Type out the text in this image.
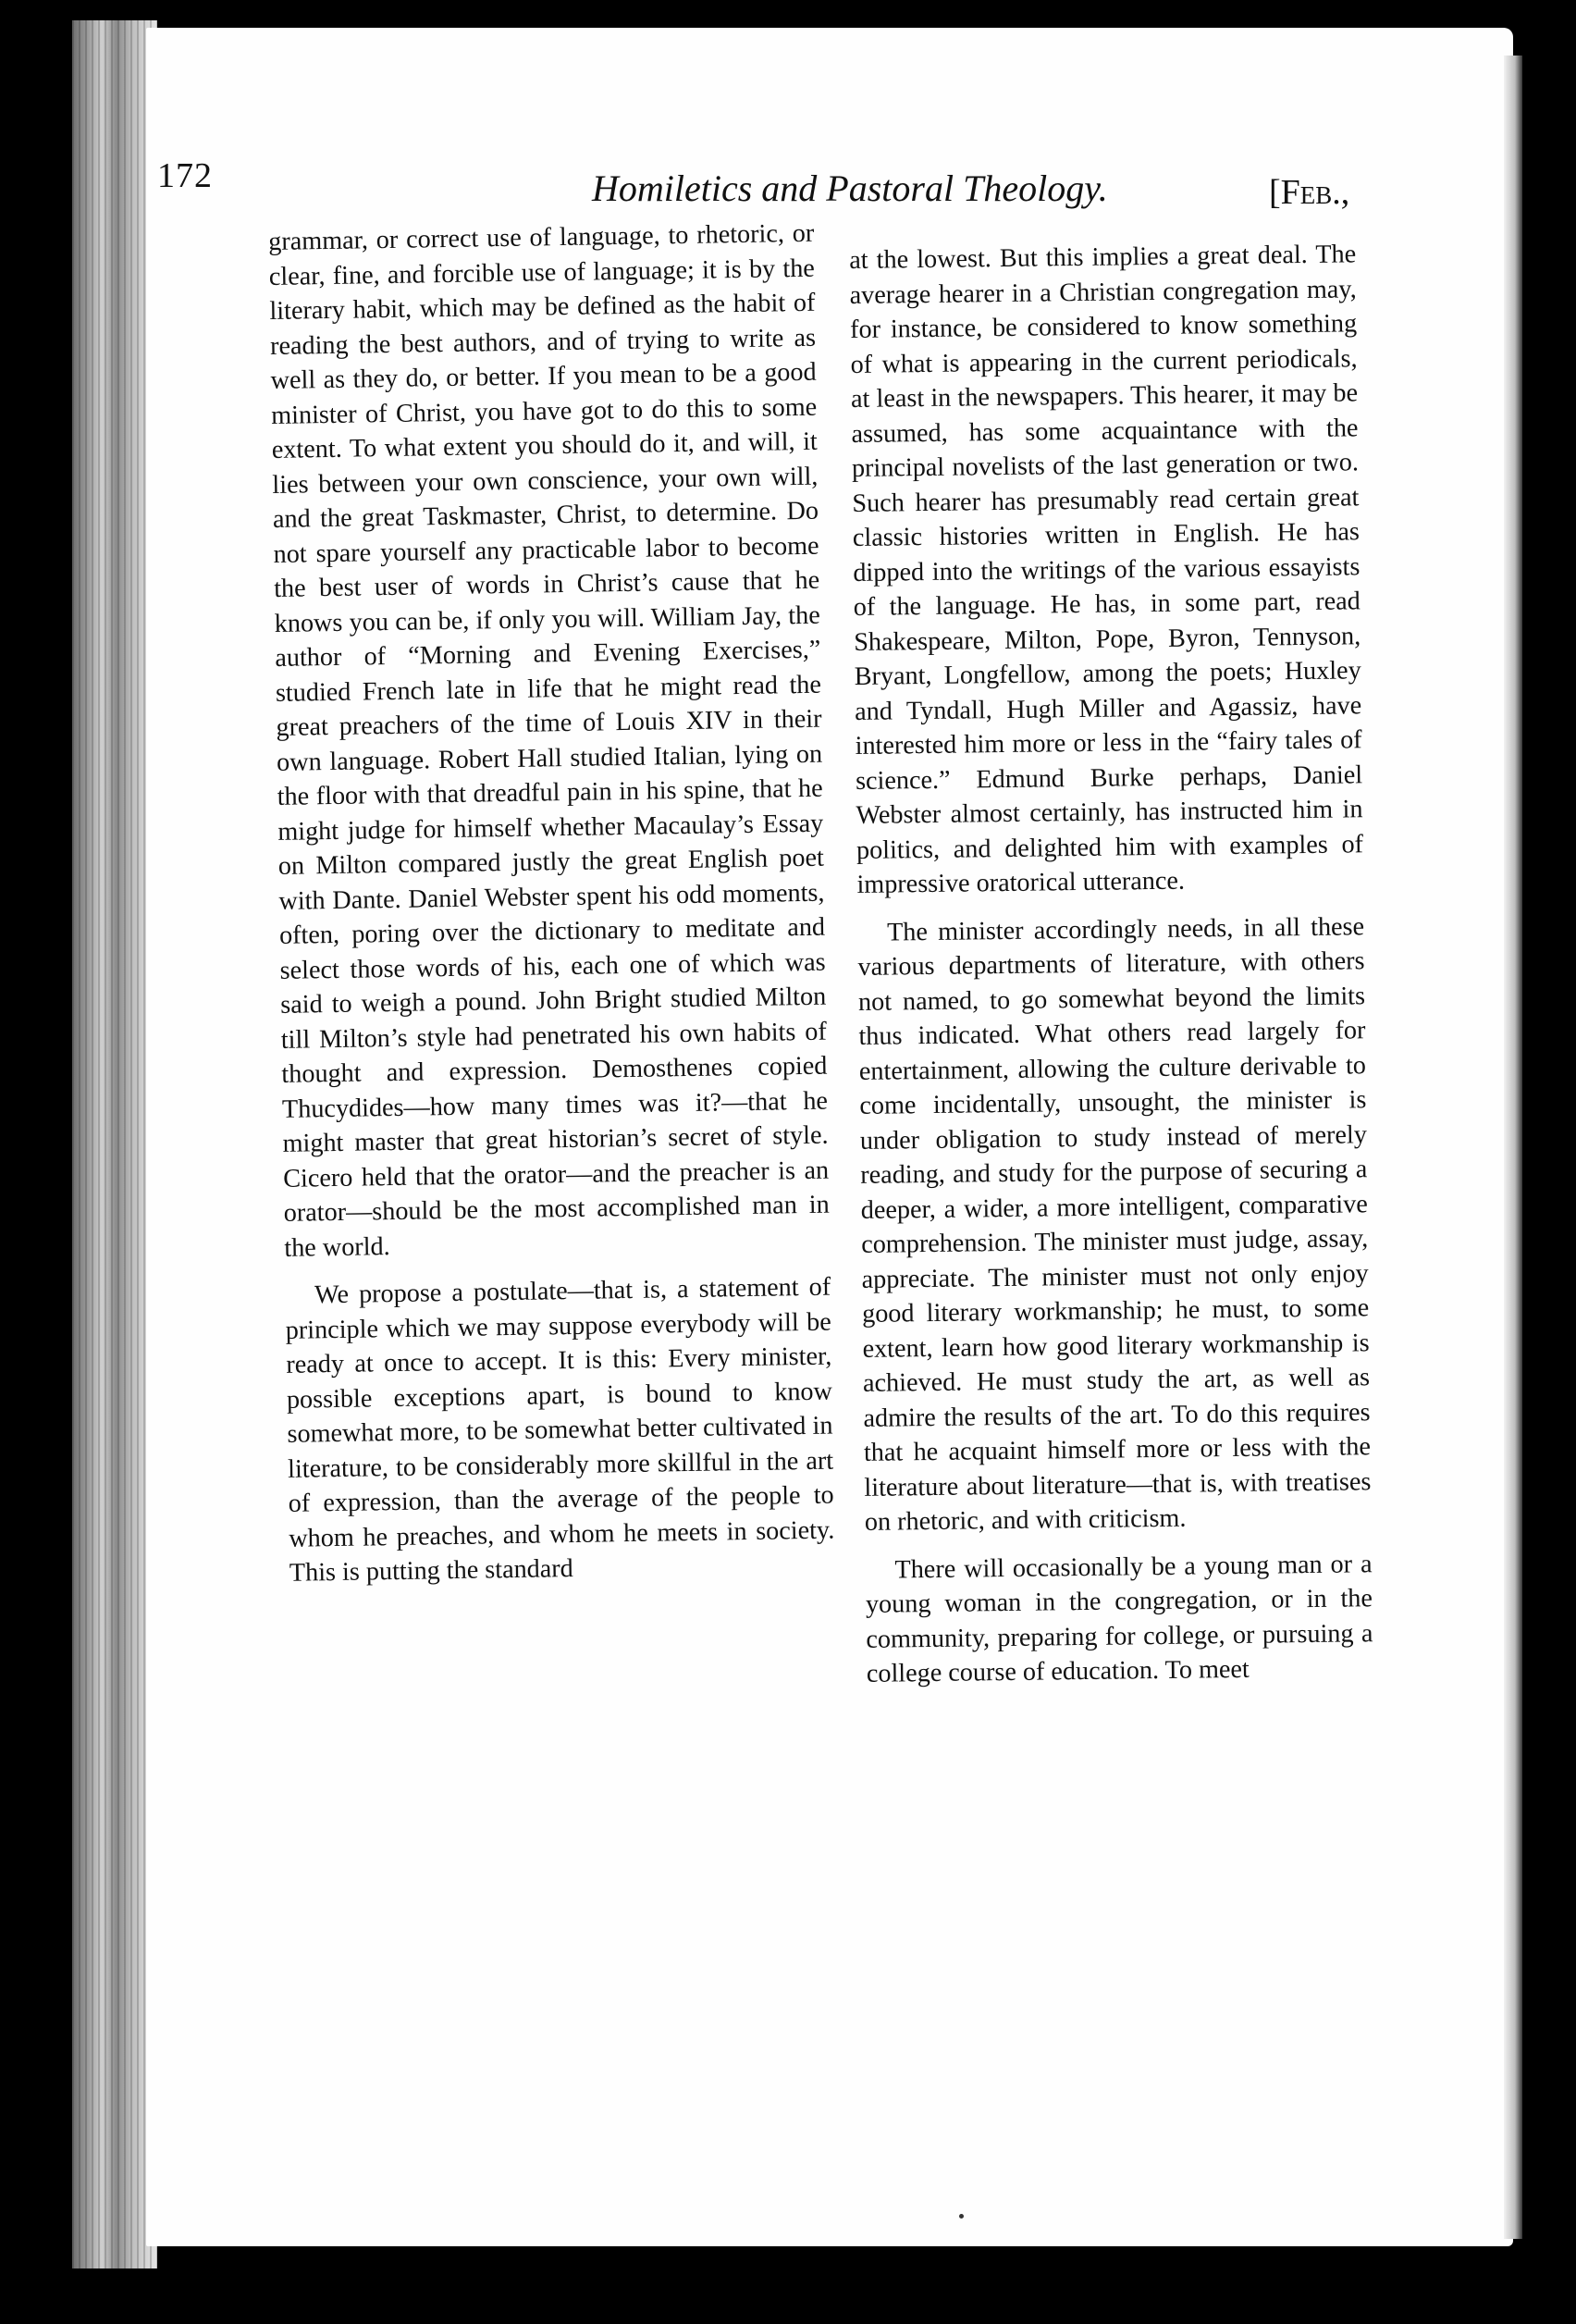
172	Homiletics and Pastoral Theology.	[Feb.,

grammar, or correct use of language, to rhetoric, or clear, fine, and forcible use of language; it is by the literary habit, which may be defined as the habit of reading the best authors, and of trying to write as well as they do, or better. If you mean to be a good minister of Christ, you have got to do this to some extent. To what extent you should do it, and will, it lies between your own conscience, your own will, and the great Taskmaster, Christ, to determine. Do not spare yourself any practicable labor to become the best user of words in Christ’s cause that he knows you can be, if only you will. William Jay, the author of “Morning and Evening Exercises,” studied French late in life that he might read the great preachers of the time of Louis XIV in their own language. Robert Hall studied Italian, lying on the floor with that dreadful pain in his spine, that he might judge for himself whether Macaulay’s Essay on Milton compared justly the great English poet with Dante. Daniel Webster spent his odd moments, often, poring over the dictionary to meditate and select those words of his, each one of which was said to weigh a pound. John Bright studied Milton till Milton’s style had penetrated his own habits of thought and expression. Demosthenes copied Thucydides—how many times was it?—that he might master that great historian’s secret of style. Cicero held that the orator—and the preacher is an orator—should be the most accomplished man in the world.

We propose a postulate—that is, a statement of principle which we may suppose everybody will be ready at once to accept. It is this: Every minister, possible exceptions apart, is bound to know somewhat more, to be somewhat better cultivated in literature, to be considerably more skillful in the art of expression, than the average of the people to whom he preaches, and whom he meets in society. This is putting the standard

at the lowest. But this implies a great deal. The average hearer in a Christian congregation may, for instance, be considered to know something of what is appearing in the current periodicals, at least in the newspapers. This hearer, it may be assumed, has some acquaintance with the principal novelists of the last generation or two. Such hearer has presumably read certain great classic histories written in English. He has dipped into the writings of the various essayists of the language. He has, in some part, read Shakespeare, Milton, Pope, Byron, Tennyson, Bryant, Longfellow, among the poets; Huxley and Tyndall, Hugh Miller and Agassiz, have interested him more or less in the “fairy tales of science.” Edmund Burke perhaps, Daniel Webster almost certainly, has instructed him in politics, and delighted him with examples of impressive oratorical utterance.

The minister accordingly needs, in all these various departments of literature, with others not named, to go somewhat beyond the limits thus indicated. What others read largely for entertainment, allowing the culture derivable to come incidentally, unsought, the minister is under obligation to study instead of merely reading, and study for the purpose of securing a deeper, a wider, a more intelligent, comparative comprehension. The minister must judge, assay, appreciate. The minister must not only enjoy good literary workmanship; he must, to some extent, learn how good literary workmanship is achieved. He must study the art, as well as admire the results of the art. To do this requires that he acquaint himself more or less with the literature about literature—that is, with treatises on rhetoric, and with criticism.

There will occasionally be a young man or a young woman in the congregation, or in the community, preparing for college, or pursuing a college course of education. To meet
